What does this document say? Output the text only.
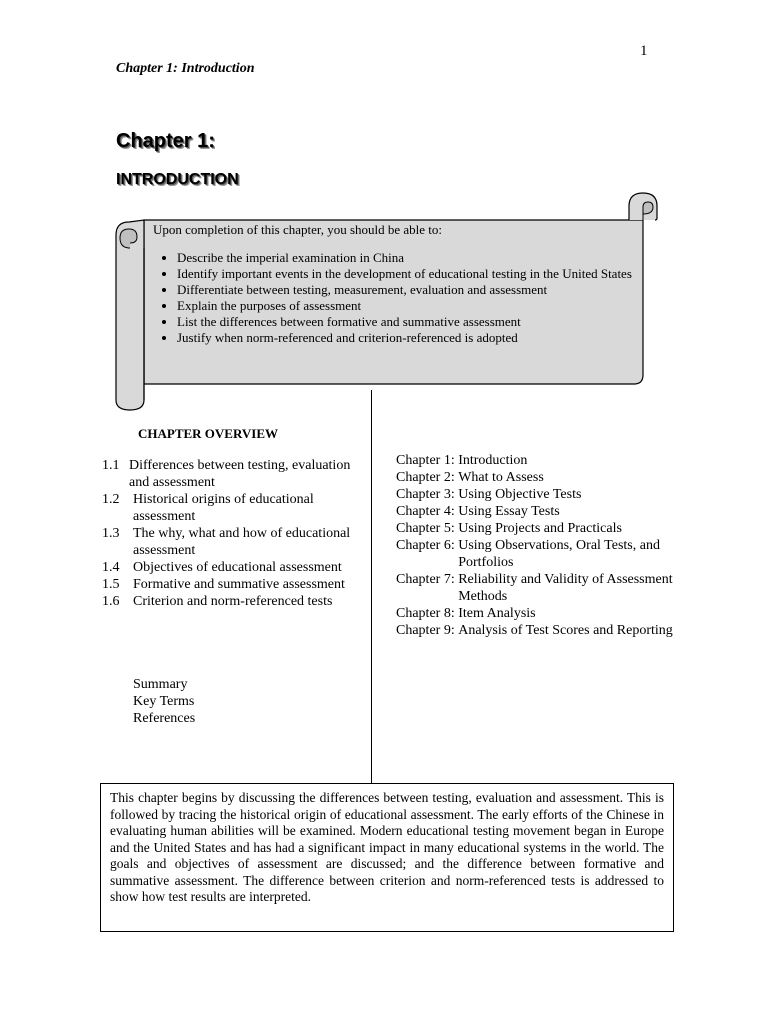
1
Chapter 1: Introduction
Chapter 1:
INTRODUCTION
Upon completion of this chapter, you should be able to:
• Describe the imperial examination in China
• Identify important events in the development of educational testing in the United States
• Differentiate between testing, measurement, evaluation and assessment
• Explain the purposes of assessment
• List the differences between formative and summative assessment
• Justify when norm-referenced and criterion-referenced is adopted
CHAPTER OVERVIEW
1.1 Differences between testing, evaluation and assessment
1.2 Historical origins of educational assessment
1.3 The why, what and how of educational assessment
1.4 Objectives of educational assessment
1.5 Formative and summative assessment
1.6 Criterion and norm-referenced tests
Summary
Key Terms
References
Chapter 1: Introduction
Chapter 2: What to Assess
Chapter 3: Using Objective Tests
Chapter 4: Using Essay Tests
Chapter 5: Using Projects and Practicals
Chapter 6: Using Observations, Oral Tests, and Portfolios
Chapter 7: Reliability and Validity of Assessment Methods
Chapter 8: Item Analysis
Chapter 9: Analysis of Test Scores and Reporting
This chapter begins by discussing the differences between testing, evaluation and assessment. This is followed by tracing the historical origin of educational assessment. The early efforts of the Chinese in evaluating human abilities will be examined. Modern educational testing movement began in Europe and the United States and has had a significant impact in many educational systems in the world. The goals and objectives of assessment are discussed; and the difference between formative and summative assessment. The difference between criterion and norm-referenced tests is addressed to show how test results are interpreted.
